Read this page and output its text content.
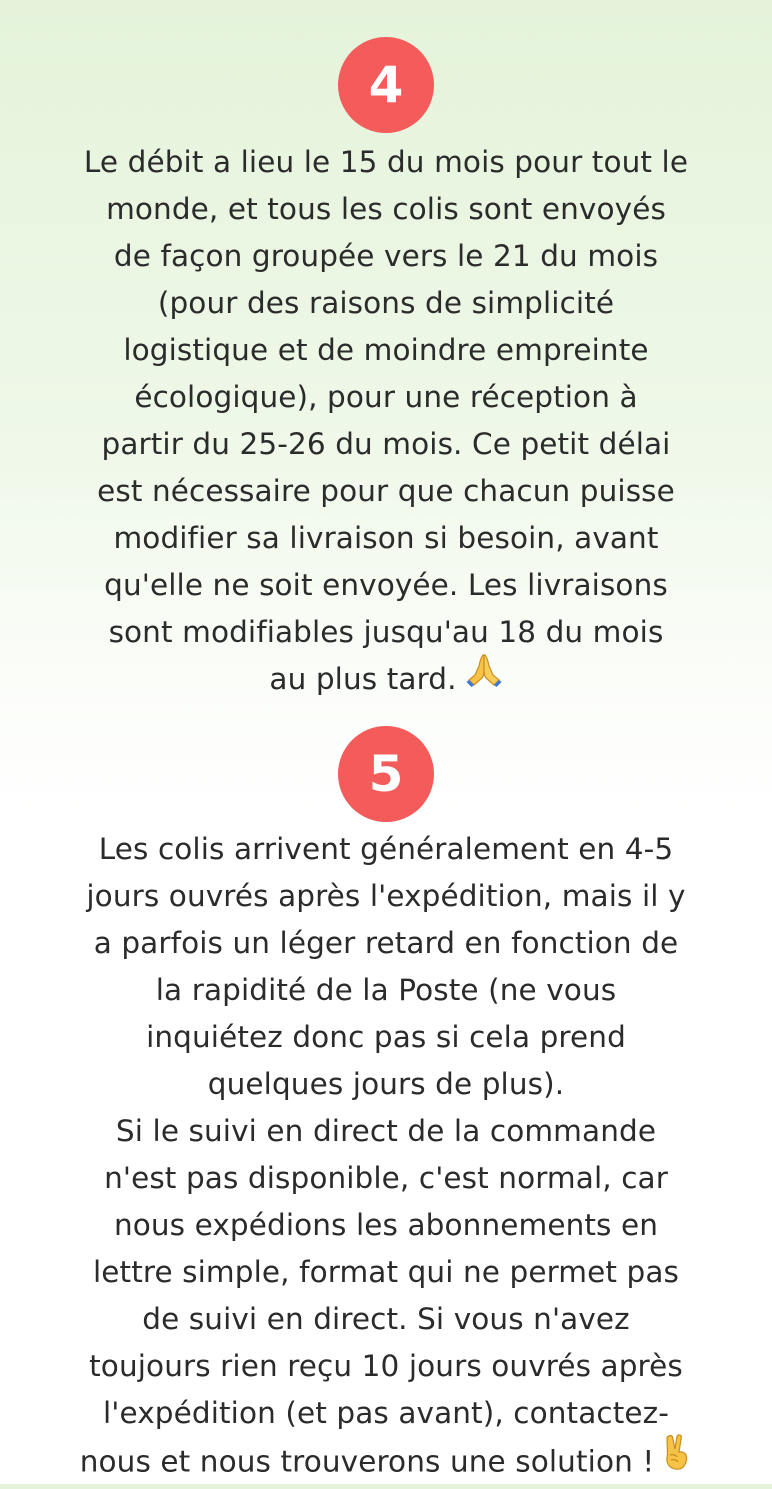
4
Le débit a lieu le 15 du mois pour tout le
monde, et tous les colis sont envoyés
de façon groupée vers le 21 du mois
(pour des raisons de simplicité
logistique et de moindre empreinte
écologique), pour une réception à
partir du 25-26 du mois. Ce petit délai
est nécessaire pour que chacun puisse
modifier sa livraison si besoin, avant
qu'elle ne soit envoyée. Les livraisons
sont modifiables jusqu'au 18 du mois
au plus tard.
5
Les colis arrivent généralement en 4-5
jours ouvrés après l'expédition, mais il y
a parfois un léger retard en fonction de
la rapidité de la Poste (ne vous
inquiétez donc pas si cela prend
quelques jours de plus).
Si le suivi en direct de la commande
n'est pas disponible, c'est normal, car
nous expédions les abonnements en
lettre simple, format qui ne permet pas
de suivi en direct. Si vous n'avez
toujours rien reçu 10 jours ouvrés après
l'expédition (et pas avant), contactez-
nous et nous trouverons une solution !
